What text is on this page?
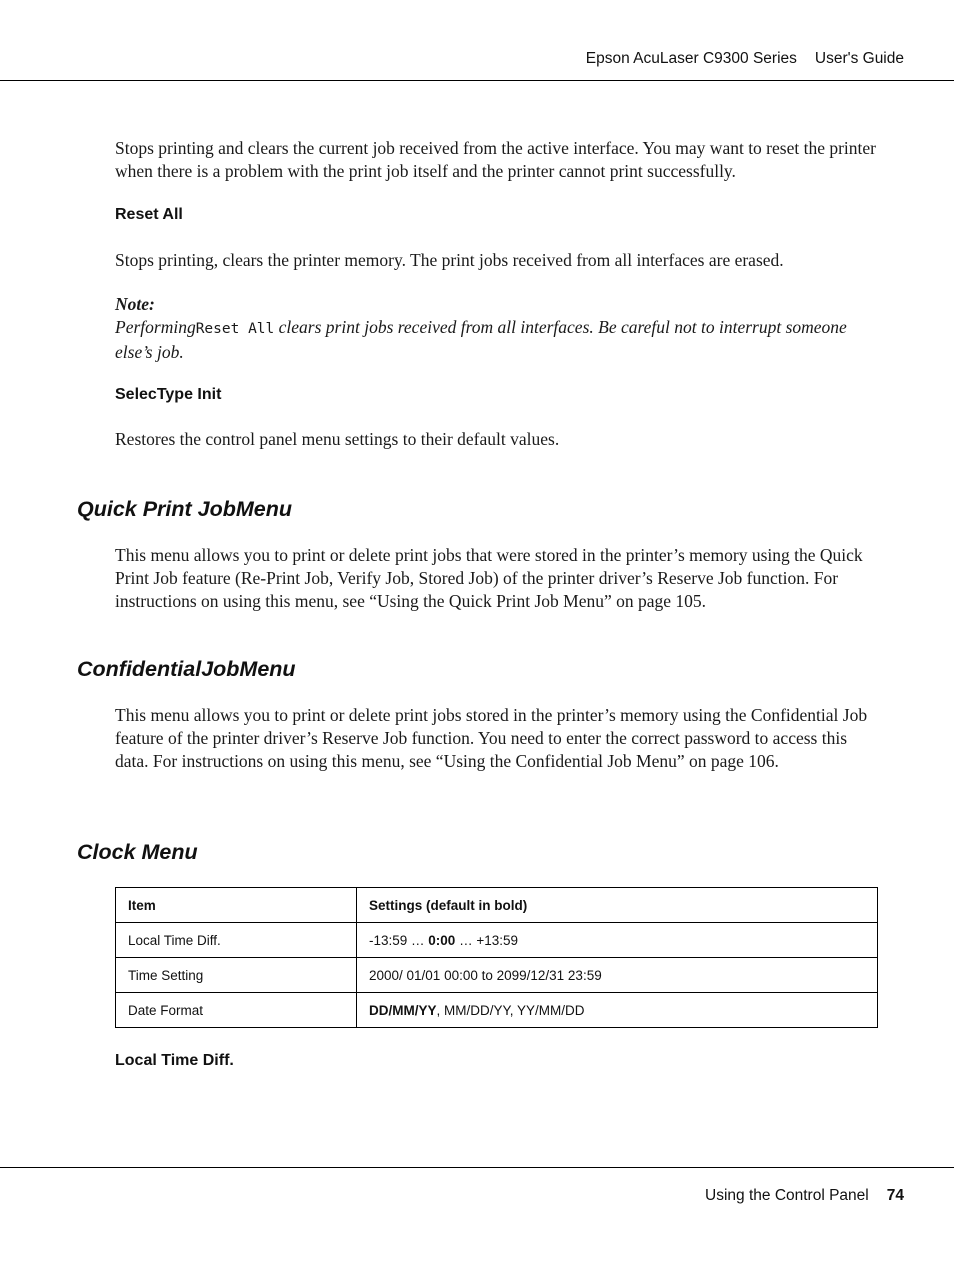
Epson AcuLaser C9300 Series User's Guide

Stops printing and clears the current job received from the active interface. You may want to reset the printer when there is a problem with the print job itself and the printer cannot print successfully.

Reset All

Stops printing, clears the printer memory. The print jobs received from all interfaces are erased.

Note:

PerformingReset All clears print jobs received from all interfaces. Be careful not to interrupt someone else’s job.

SelecType Init

Restores the control panel menu settings to their default values.

Quick Print JobMenu

This menu allows you to print or delete print jobs that were stored in the printer’s memory using the Quick Print Job feature (Re-Print Job, Verify Job, Stored Job) of the printer driver’s Reserve Job function. For instructions on using this menu, see “Using the Quick Print Job Menu” on page 105.

ConfidentialJobMenu

This menu allows you to print or delete print jobs stored in the printer’s memory using the Confidential Job feature of the printer driver’s Reserve Job function. You need to enter the correct password to access this data. For instructions on using this menu, see “Using the Confidential Job Menu” on page 106.

Clock Menu
Item	Settings (default in bold)
Local Time Diff.	-13:59 … 0:00 … +13:59
Time Setting	2000/ 01/01 00:00 to 2099/12/31 23:59
Date Format	DD/MM/YY, MM/DD/YY, YY/MM/DD

Local Time Diff.

Using the Control Panel 74
